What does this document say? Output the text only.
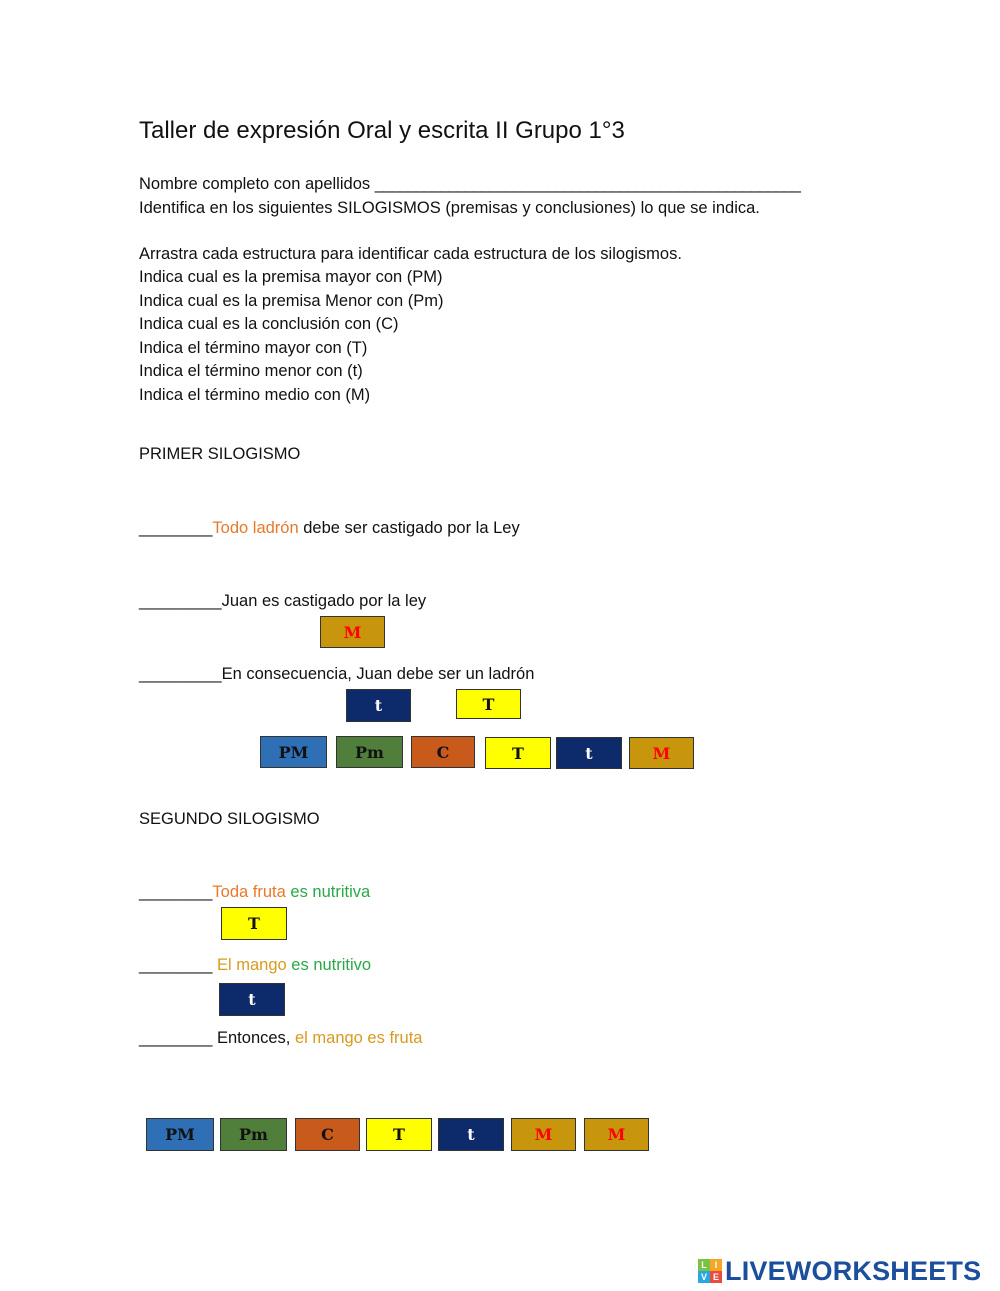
Taller de expresión Oral y escrita II Grupo 1°3
Nombre completo con apellidos ____________________________________________________
Identifica en los siguientes SILOGISMOS (premisas y conclusiones) lo que se indica.
Arrastra cada estructura para identificar cada estructura de los silogismos.
Indica cual es la premisa mayor con (PM)
Indica cual es la premisa Menor con (Pm)
Indica cual es la conclusión con (C)
Indica el término mayor con (T)
Indica el término menor con (t)
Indica el término medio con (M)
PRIMER SILOGISMO
________Todo ladrón debe ser castigado por la Ley
_________Juan es castigado por la ley
M
_________En consecuencia, Juan debe ser un ladrón
t	T
PM	Pm	C	T	t	M
SEGUNDO SILOGISMO
________Toda fruta es nutritiva
T
________ El mango es nutritivo
t
________ Entonces, el mango es fruta
PM	Pm	C	T	t	M	M
L I
V E LIVEWORKSHEETS
